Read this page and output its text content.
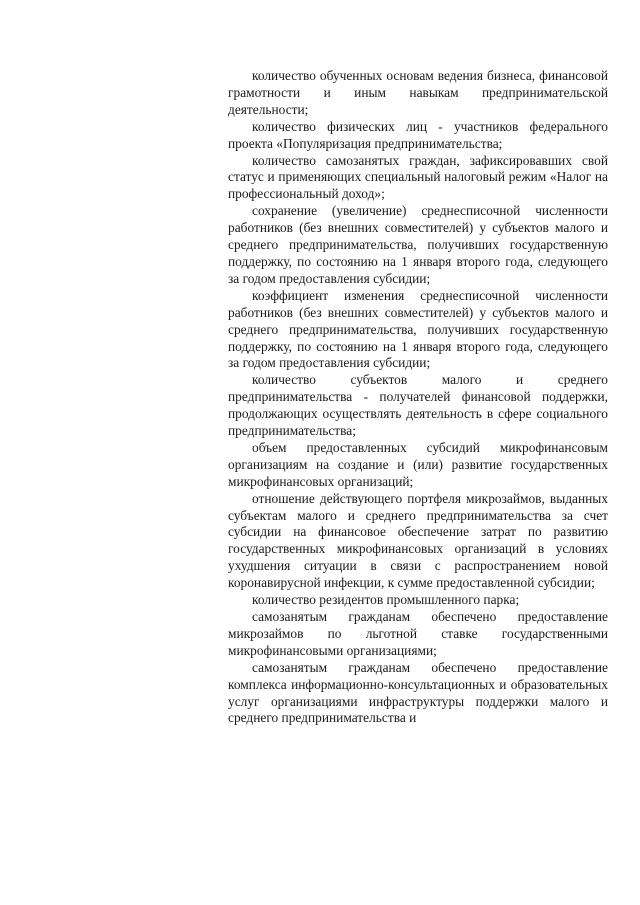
количество обученных основам ведения бизнеса, финансовой грамотности и иным навыкам предпринимательской деятельности;

количество физических лиц - участников федерального проекта «Популяризация предпринимательства;

количество самозанятых граждан, зафиксировавших свой статус и применяющих специальный налоговый режим «Налог на профессиональный доход»;

сохранение (увеличение) среднесписочной численности работников (без внешних совместителей) у субъектов малого и среднего предпринимательства, получивших государственную поддержку, по состоянию на 1 января второго года, следующего за годом предоставления субсидии;

коэффициент изменения среднесписочной численности работников (без внешних совместителей) у субъектов малого и среднего предпринимательства, получивших государственную поддержку, по состоянию на 1 января второго года, следующего за годом предоставления субсидии;

количество субъектов малого и среднего предпринимательства - получателей финансовой поддержки, продолжающих осуществлять деятельность в сфере социального предпринимательства;

объем предоставленных субсидий микрофинансовым организациям на создание и (или) развитие государственных микрофинансовых организаций;

отношение действующего портфеля микрозаймов, выданных субъектам малого и среднего предпринимательства за счет субсидии на финансовое обеспечение затрат по развитию государственных микрофинансовых организаций в условиях ухудшения ситуации в связи с распространением новой коронавирусной инфекции, к сумме предоставленной субсидии;

количество резидентов промышленного парка;

самозанятым гражданам обеспечено предоставление микрозаймов по льготной ставке государственными микрофинансовыми организациями;

самозанятым гражданам обеспечено предоставление комплекса информационно-консультационных и образовательных услуг организациями инфраструктуры поддержки малого и среднего предпринимательства и
